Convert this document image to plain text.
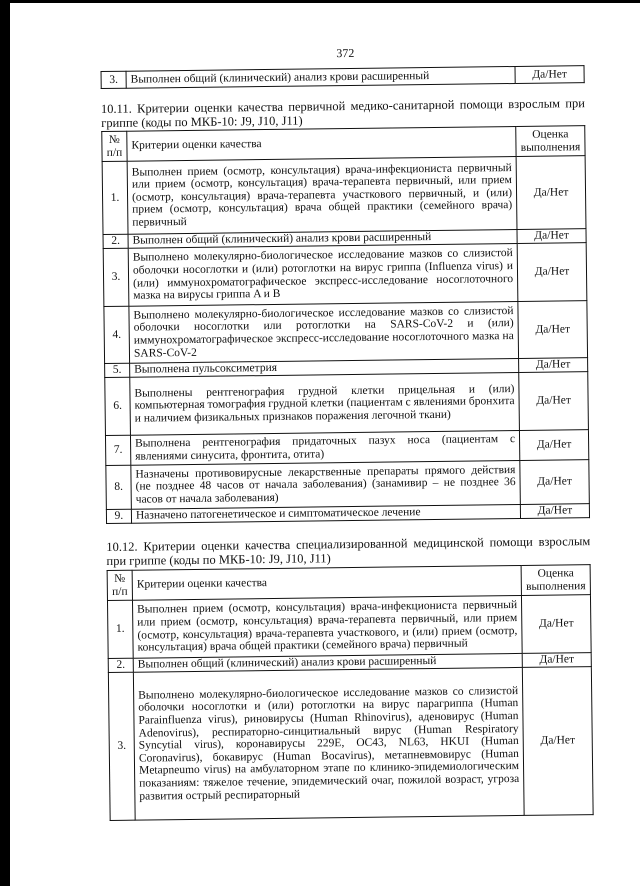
372
3.	Выполнен общий (клинический) анализ крови расширенный	Да/Нет
10.11. Критерии оценки качества первичной медико-санитарной помощи взрослым при гриппе (коды по МКБ-10: J9, J10, J11)
№ п/п	Критерии оценки качества	Оценка выполнения
1.	Выполнен прием (осмотр, консультация) врача-инфекциониста первичный или прием (осмотр, консультация) врача-терапевта первичный, или прием (осмотр, консультация) врача-терапевта участкового первичный, и (или) прием (осмотр, консультация) врача общей практики (семейного врача) первичный	Да/Нет
2.	Выполнен общий (клинический) анализ крови расширенный	Да/Нет
3.	Выполнено молекулярно-биологическое исследование мазков со слизистой оболочки носоглотки и (или) ротоглотки на вирус гриппа (Influenza virus) и (или) иммунохроматографическое экспресс-исследование носоглоточного мазка на вирусы гриппа A и B	Да/Нет
4.	Выполнено молекулярно-биологическое исследование мазков со слизистой оболочки носоглотки или ротоглотки на SARS-CoV-2 и (или) иммунохроматографическое экспресс-исследование носоглоточного мазка на SARS-CoV-2	Да/Нет
5.	Выполнена пульсоксиметрия	Да/Нет
6.	Выполнены рентгенография грудной клетки прицельная и (или) компьютерная томография грудной клетки (пациентам с явлениями бронхита и наличием физикальных признаков поражения легочной ткани)	Да/Нет
7.	Выполнена рентгенография придаточных пазух носа (пациентам с явлениями синусита, фронтита, отита)	Да/Нет
8.	Назначены противовирусные лекарственные препараты прямого действия (не позднее 48 часов от начала заболевания) (занамивир – не позднее 36 часов от начала заболевания)	Да/Нет
9.	Назначено патогенетическое и симптоматическое лечение	Да/Нет
10.12. Критерии оценки качества специализированной медицинской помощи взрослым при гриппе (коды по МКБ-10: J9, J10, J11)
№ п/п	Критерии оценки качества	Оценка выполнения
1.	Выполнен прием (осмотр, консультация) врача-инфекциониста первичный или прием (осмотр, консультация) врача-терапевта первичный, или прием (осмотр, консультация) врача-терапевта участкового, и (или) прием (осмотр, консультация) врача общей практики (семейного врача) первичный	Да/Нет
2.	Выполнен общий (клинический) анализ крови расширенный	Да/Нет
3.	Выполнено молекулярно-биологическое исследование мазков со слизистой оболочки носоглотки и (или) ротоглотки на вирус парагриппа (Human Parainfluenza virus), риновирусы (Human Rhinovirus), аденовирус (Human Adenovirus), респираторно-синцитиальный вирус (Human Respiratory Syncytial virus), коронавирусы 229E, OC43, NL63, HKUI (Human Coronavirus), бокавирус (Human Bocavirus), метапневмовирус (Human Metapneumo virus) на амбулаторном этапе по клинико-эпидемиологическим показаниям: тяжелое течение, эпидемический очаг, пожилой возраст, угроза развития острый респираторный	Да/Нет
